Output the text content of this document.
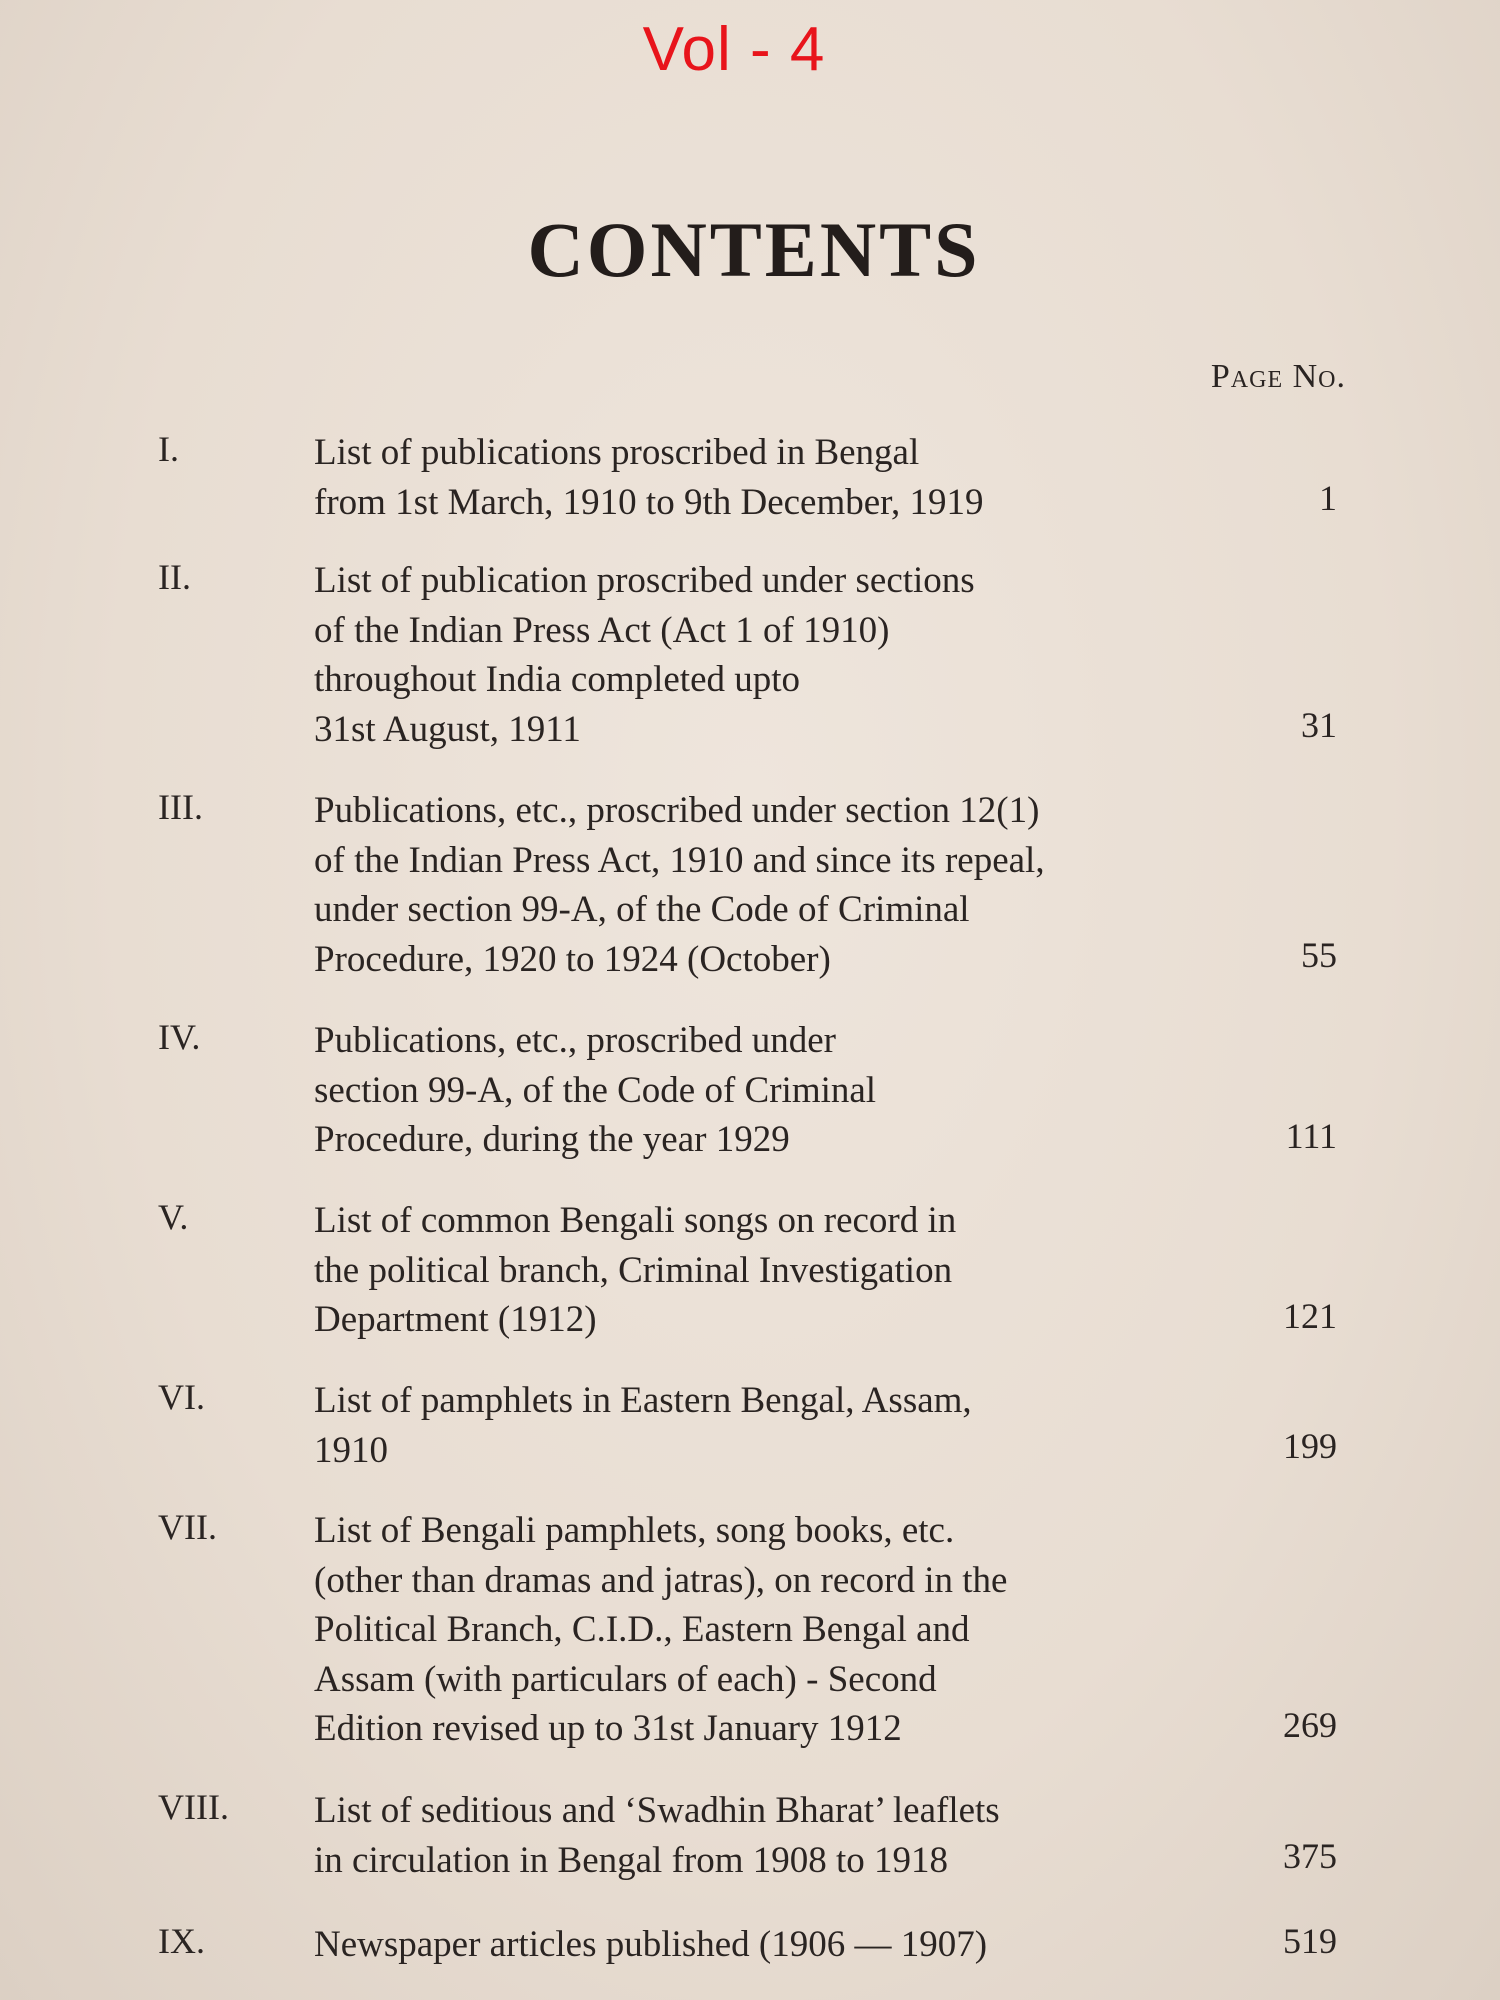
Vol - 4
CONTENTS
Page No.
I.	List of publications proscribed in Bengal
from 1st March, 1910 to 9th December, 1919	1
II.	List of publication proscribed under sections
of the Indian Press Act (Act 1 of 1910)
throughout India completed upto
31st August, 1911	31
III.	Publications, etc., proscribed under section 12(1)
of the Indian Press Act, 1910 and since its repeal,
under section 99-A, of the Code of Criminal
Procedure, 1920 to 1924 (October)	55
IV.	Publications, etc., proscribed under
section 99-A, of the Code of Criminal
Procedure, during the year 1929	111
V.	List of common Bengali songs on record in
the political branch, Criminal Investigation
Department (1912)	121
VI.	List of pamphlets in Eastern Bengal, Assam,
1910	199
VII.	List of Bengali pamphlets, song books, etc.
(other than dramas and jatras), on record in the
Political Branch, C.I.D., Eastern Bengal and
Assam (with particulars of each) - Second
Edition revised up to 31st January 1912	269
VIII. List of seditious and ‘Swadhin Bharat’ leaflets
in circulation in Bengal from 1908 to 1918	375
IX.	Newspaper articles published (1906 — 1907)	519
